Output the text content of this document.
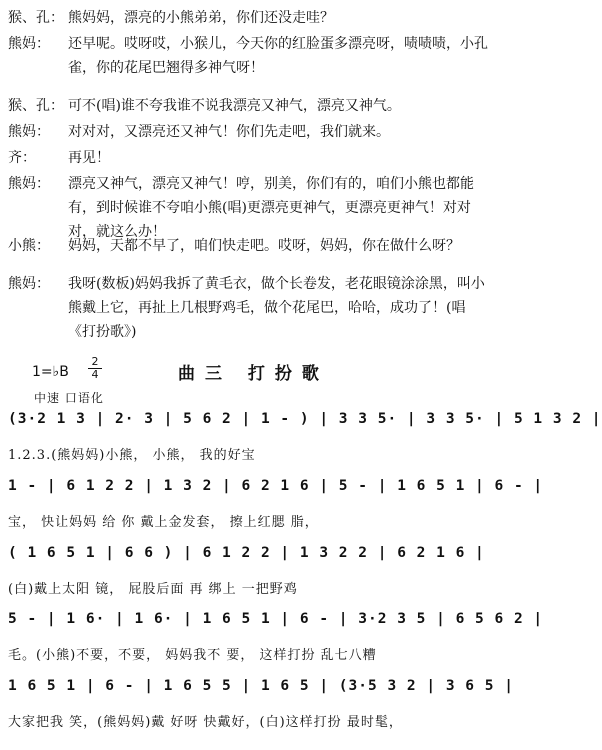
猴、孔： 熊妈妈，漂亮的小熊弟弟，你们还没走哇？
熊妈： 还早呢。哎呀哎，小猴儿，今天你的红脸蛋多漂亮呀，啧啧啧，小孔雀，你的花尾巴翘得多神气呀！
猴、孔： 可不(唱)谁不夸我谁不说我漂亮又神气，漂亮又神气。
熊妈： 对对对，又漂亮还又神气！你们先走吧，我们就来。
齐： 再见！
熊妈： 漂亮又神气，漂亮又神气！哼，别美，你们有的，咱们小熊也都能有，到时候谁不夸咱小熊(唱)更漂亮更神气，更漂亮更神气！对对对，就这么办！
小熊： 妈妈，天都不早了，咱们快走吧。哎呀，妈妈，你在做什么呀？
熊妈： 我呀(数板)妈妈我拆了黄毛衣，做个长卷发，老花眼镜涂涂黑，叫小熊戴上它，再扯上几根野鸡毛，做个花尾巴，哈哈，成功了！(唱《打扮歌》)
1=♭B
2
4	曲三 打扮歌
中速 口语化
(3·2 1 3 | 2· 3 | 5 6 2 | 1 - ) | 3 3 5· | 3 3 5· | 5 1 3 2 |
1.2.3.(熊妈妈)小熊， 小熊， 我的好宝
1 - | 6 1 2 2 | 1 3 2 | 6 2 1 6 | 5 - | 1 6 5 1 | 6 - |
宝， 快让妈妈 给 你 戴上金发套， 擦上红腮 脂，
( 1 6 5 1 | 6 6 ) | 6 1 2 2 | 1 3 2 2 | 6 2 1 6 |
(白)戴上太阳 镜， 屁股后面 再 绑上 一把野鸡
5 - | 1 6· | 1 6· | 1 6 5 1 | 6 - | 3·2 3 5 | 6 5 6 2 |
毛。(小熊)不要，不要， 妈妈我不 要， 这样打扮 乱七八糟
1 6 5 1 | 6 - | 1 6 5 5 | 1 6 5 | (3·5 3 2 | 3 6 5 |
大家把我 笑，(熊妈妈)戴 好呀 快戴好，(白)这样打扮 最时髦，
